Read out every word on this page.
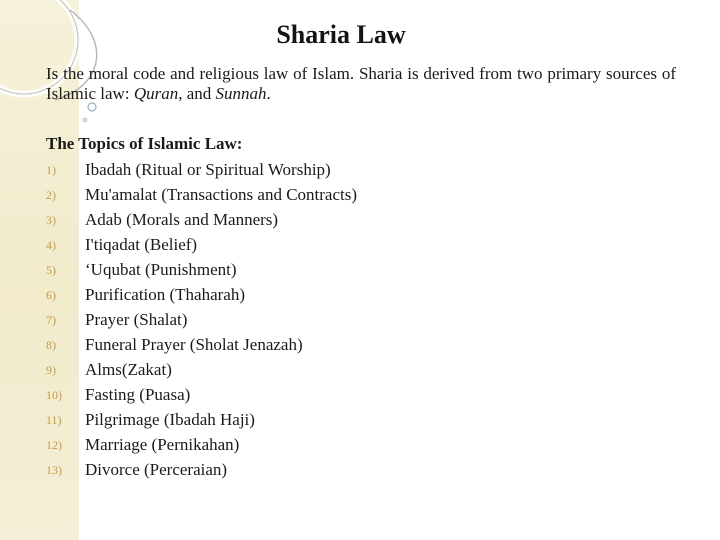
Sharia Law

Is the moral code and religious law of Islam. Sharia is derived from two primary sources of Islamic law: Quran, and Sunnah.

The Topics of Islamic Law:

1)	Ibadah (Ritual or Spiritual Worship)
2)	Mu'amalat (Transactions and Contracts)
3)	Adab (Morals and Manners)
4)	I'tiqadat (Belief)
5)	‘Uqubat (Punishment)
6)	Purification (Thaharah)
7)	Prayer (Shalat)
8)	Funeral Prayer (Sholat Jenazah)
9)	Alms(Zakat)
10)	Fasting (Puasa)
11)	Pilgrimage (Ibadah Haji)
12)	Marriage (Pernikahan)
13)	Divorce (Perceraian)
